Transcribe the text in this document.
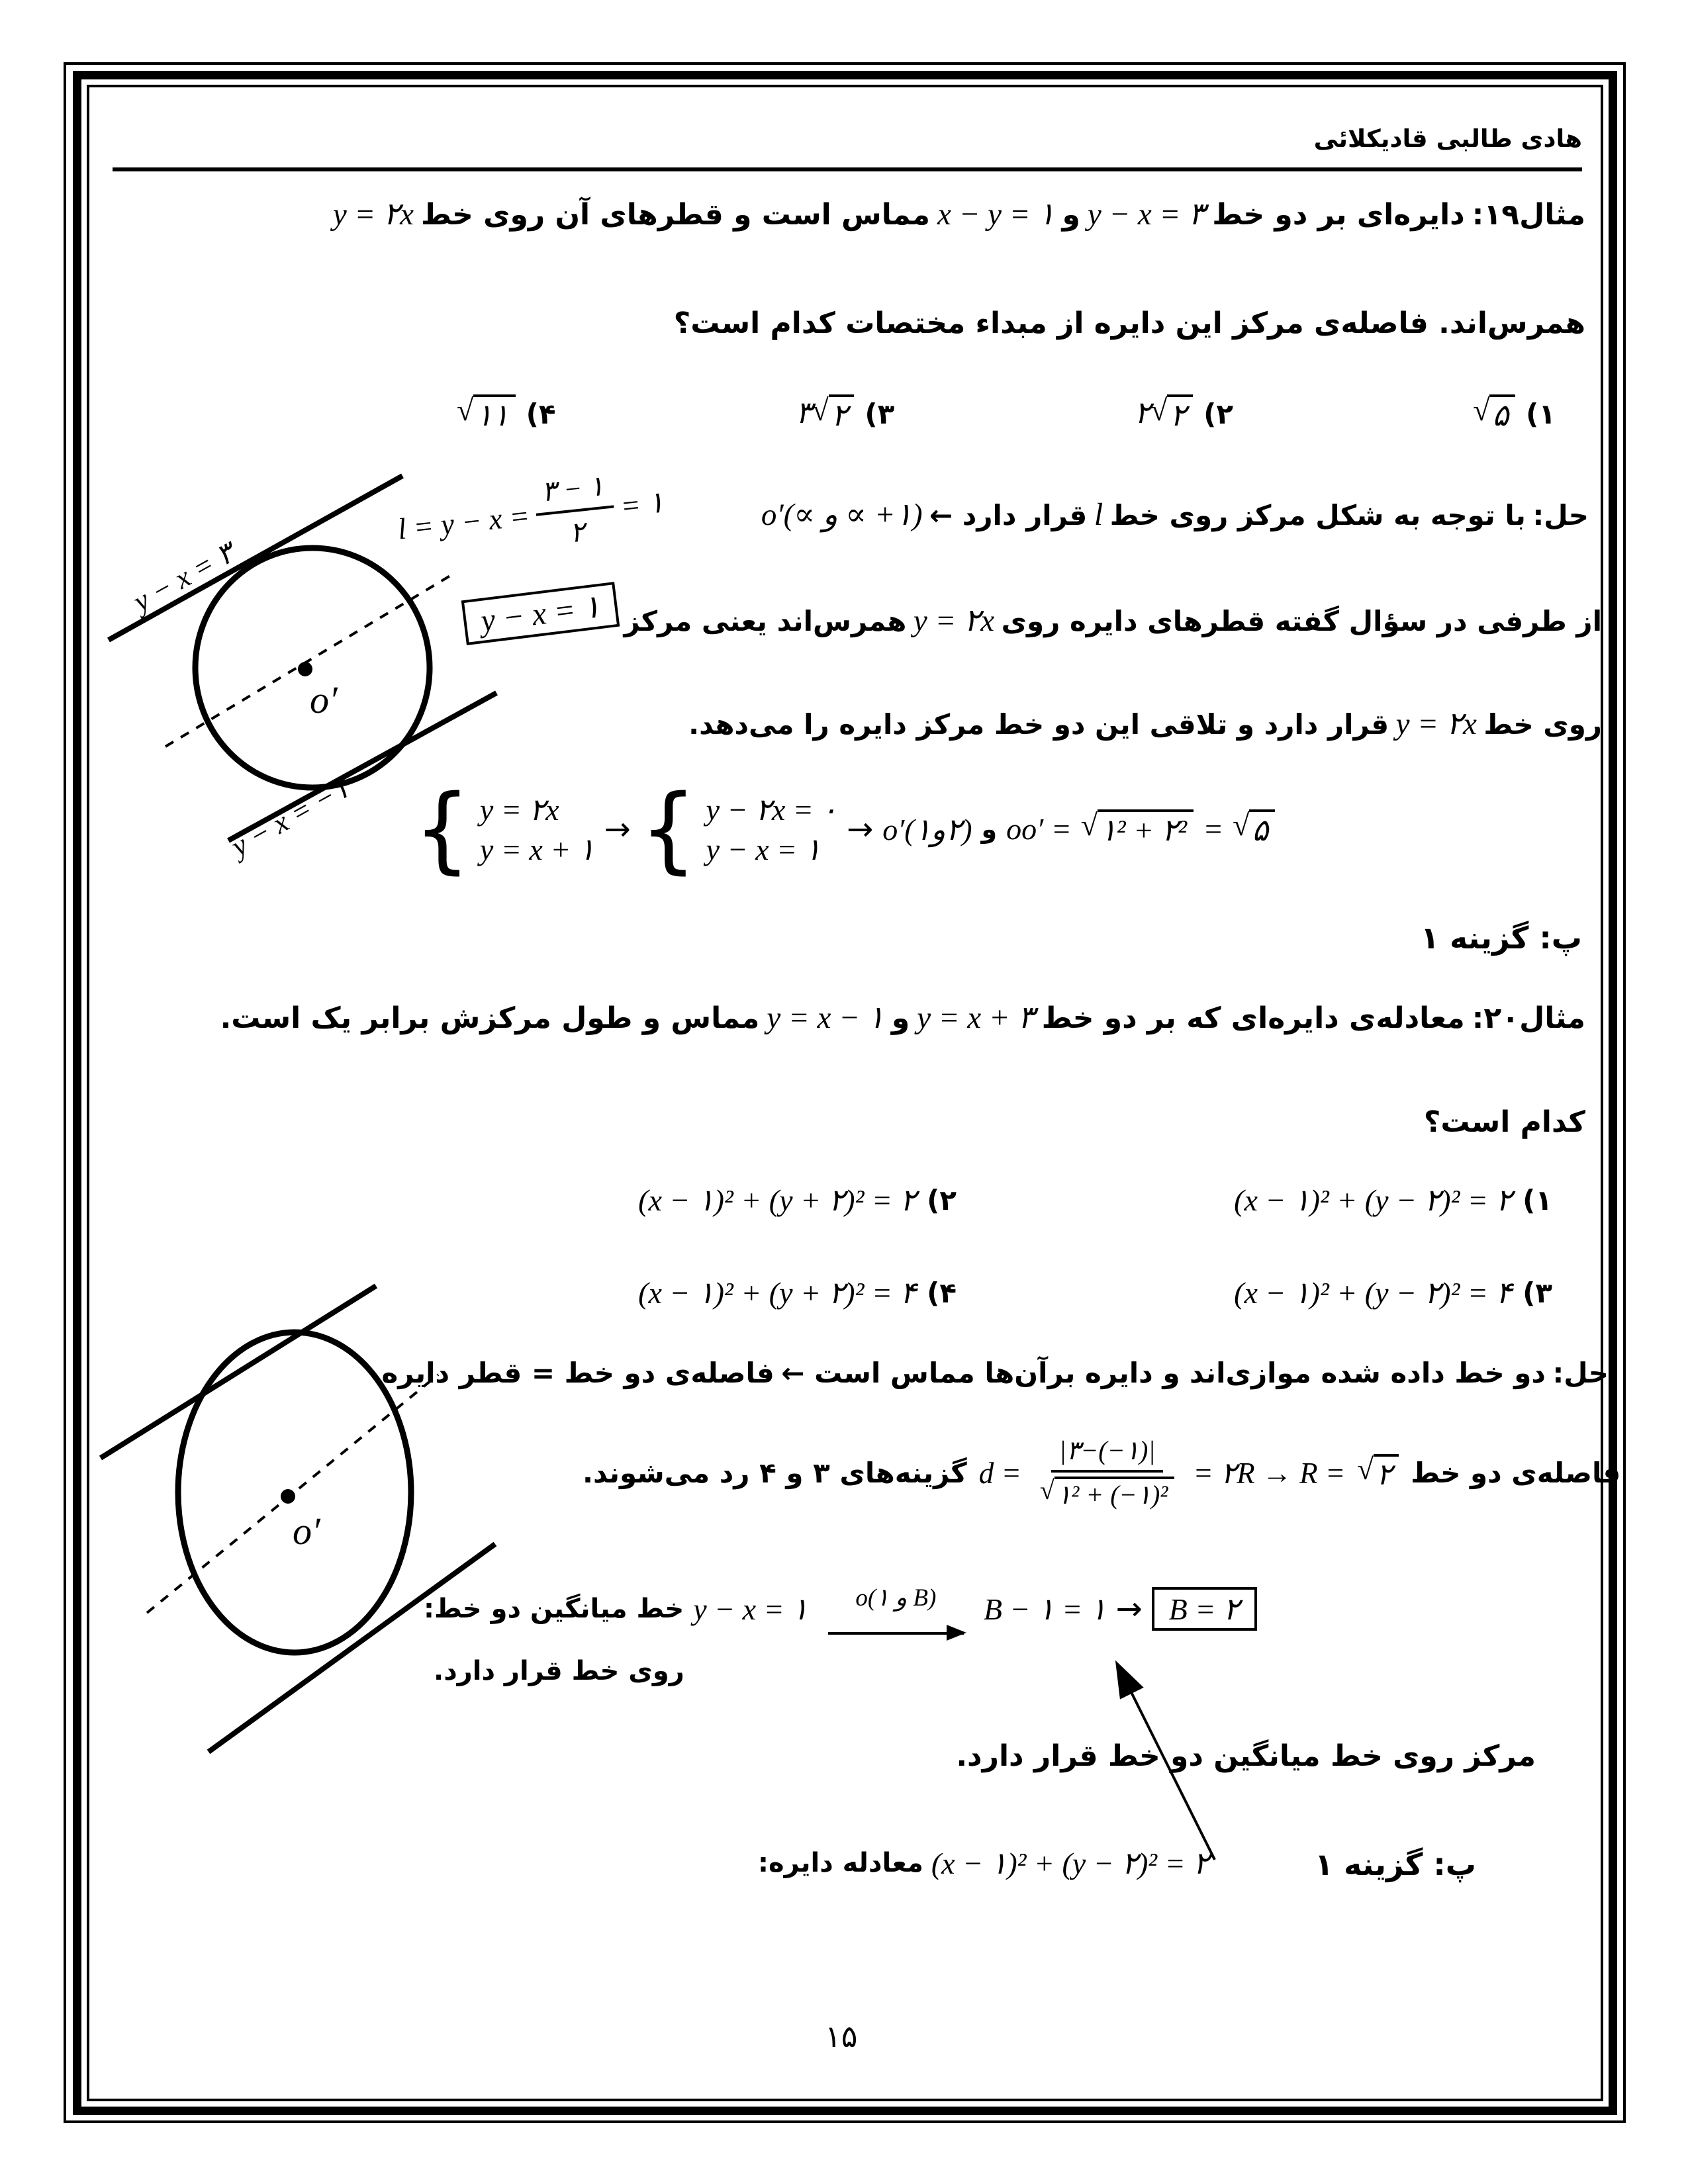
هادی طالبی قادیکلائی
مثال۱۹: دایره‌ای بر دو خط y − x = ۳ و x − y = ۱ مماس است و قطرهای آن روی خط y = ۲x
همرس‌اند. فاصله‌ی مرکز این دایره از مبداء مختصات کدام است؟
۱)
√ ۵
۲)
۲ √ ۲
۳)
۳ √ ۲
۴)
√ ۱۱
حل: با توجه به شکل مرکز روی خط l قرار دارد ← o′(∝ و ∝ +۱)
از طرفی در سؤال گفته قطرهای دایره روی y = ۲x همرس‌اند یعنی مرکز
روی خط y = ۲x قرار دارد و تلاقی این دو خط مرکز دایره را می‌دهد.
{ y = ۲x
y = x + ۱
→ { y − ۲x = ۰
y − x = ۱
→ o′(۱و۲) و oo′ = √ ۱² + ۲² = √ ۵
پ: گزینه ۱
o′
y − x = ۳
y − x = −۱
$l = y - x = \frac{۳ - ۱}{۲}$ = ۱
y − x = ۱
مثال۲۰: معادله‌ی دایره‌ای که بر دو خط y = x + ۳ و y = x − ۱ مماس و طول مرکزش برابر یک است.
کدام است؟
۱)
(x − ۱)² + (y − ۲)² = ۲
۲)
(x − ۱)² + (y + ۲)² = ۲
۳)
(x − ۱)² + (y − ۲)² = ۴
۴)
(x − ۱)² + (y + ۲)² = ۴
حل: دو خط داده شده موازی‌اند و دایره برآن‌ها مماس است ← فاصله‌ی دو خط = قطر دایره
گزینه‌های ۳ و ۴ رد می‌شوند. $d = \frac{|۳-(-۱)|}{\text{√ ۱² + (−۱)²}}$ = ۲R → R = √ ۲ فاصله‌ی دو خط
خط میانگین دو خط: y − x = ۱ o(۱ و B) B − ۱ = ۱ → B = ۲
روی خط قرار دارد.
مرکز روی خط میانگین دو خط قرار دارد.
معادله دایره: (x − ۱)² + (y − ۲)² = ۲	پ: گزینه ۱
o′
۱۵
